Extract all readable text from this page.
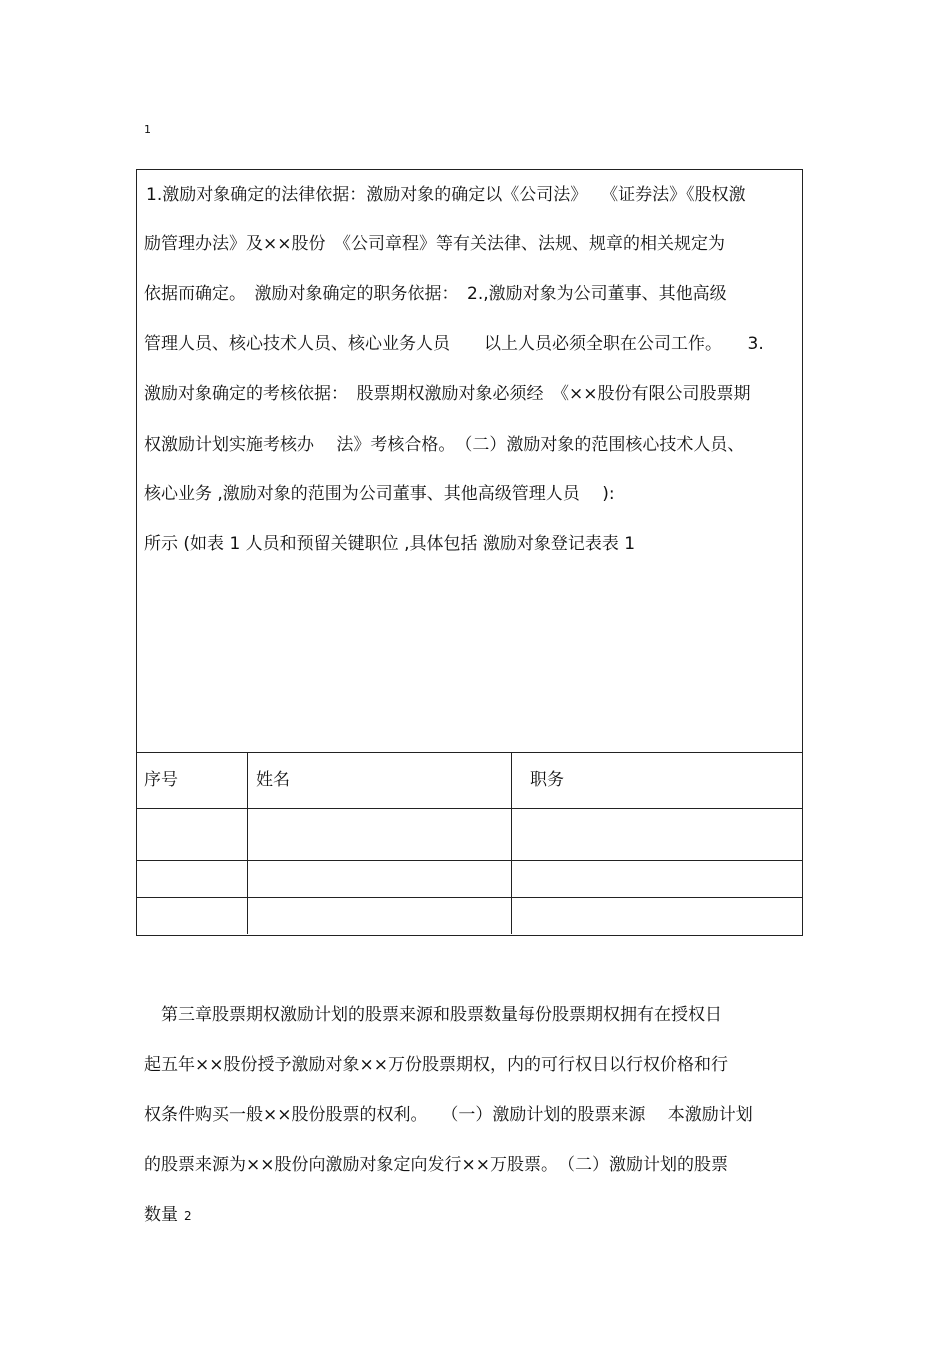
1
1.激励对象确定的法律依据：激励对象的确定以《公司法》　 《证券法》《股权激
励管理办法》及××股份　《公司章程》等有关法律、法规、规章的相关规定为
依据而确定。　激励对象确定的职务依据：　2.,激励对象为公司董事、其他高级
管理人员、核心技术人员、核心业务人员　　以上人员必须全职在公司工作。　　3.
激励对象确定的考核依据：　股票期权激励对象必须经　《××股份有限公司股票期
权激励计划实施考核办　 法》考核合格。　（二）激励对象的范围核心技术人员、
核心业务 ,激励对象的范围为公司董事、其他高级管理人员　 ):
所示 (如表 1 人员和预留关键职位 ,具体包括 激励对象登记表表 1
序号	姓名	职务
　第三章股票期权激励计划的股票来源和股票数量每份股票期权拥有在授权日
起五年××股份授予激励对象××万份股票期权，内的可行权日以行权价格和行
权条件购买一般××股份股票的权利。　 （一）激励计划的股票来源　 本激励计划
的股票来源为××股份向激励对象定向发行××万股票。　（二）激励计划的股票
数量 2
